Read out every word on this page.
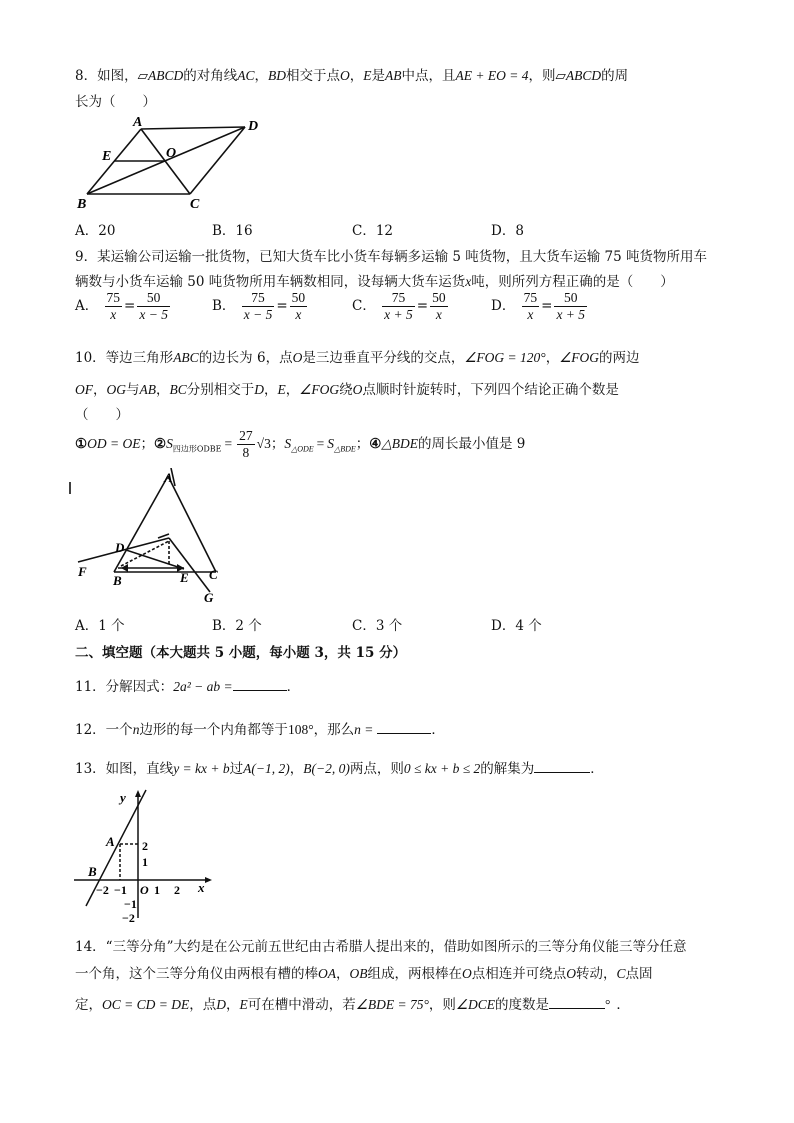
8．如图，▱ABCD的对角线AC，BD相交于点O，E是AB中点，且AE + EO = 4，则▱ABCD的周
长为（　　）
A	D
E	O
B	C
A．20	B．16	C．12	D．8
9．某运输公司运输一批货物，已知大货车比小货车每辆多运输 5 吨货物，且大货车运输 75 吨货物所用车
辆数与小货车运输 50 吨货物所用车辆数相同，设每辆大货车运货x吨，则所列方程正确的是（　　）
A． $\frac{75}{x} = \frac{50}{x - 5}$	B． $\frac{75}{x - 5} = \frac{50}{x}$	C． $\frac{75}{x + 5} = \frac{50}{x}$	D． $\frac{75}{x} = \frac{50}{x + 5}$
10．等边三角形ABC的边长为 6，点O是三边垂直平分线的交点，∠FOG = 120°，∠FOG的两边
OF，OG与AB，BC分别相交于D，E，∠FOG绕O点顺时针旋转时，下列四个结论正确个数是
（　　）
①OD = OE；$②S_{四边形ODBE} = \frac{27}{8} √3$；$S_{\triangle ODE} = S_{\triangle BDE}$；④△BDE的周长最小值是 9
A
D
F
B	E C
G
A．1 个	B．2 个	C．3 个	D．4 个
二、填空题（本大题共 5 小题，每小题 3，共 15 分）
11．分解因式：2a² − ab =	．
12．一个n边形的每一个内角都等于108°，那么n =	．
13．如图，直线y = kx + b过A(−1, 2)，B(−2, 0)两点，则0 ≤ kx + b ≤ 2的解集为	．
y
A 2
1
B
−2 −1 O 1 2 x
−1
−2
14．“三等分角”大约是在公元前五世纪由古希腊人提出来的，借助如图所示的三等分角仪能三等分任意
一个角，这个三等分角仪由两根有槽的棒OA，OB组成，两根棒在O点相连并可绕点O转动，C点固
定，OC = CD = DE，点D，E可在槽中滑动，若∠BDE = 75°，则∠DCE的度数是	° ．
